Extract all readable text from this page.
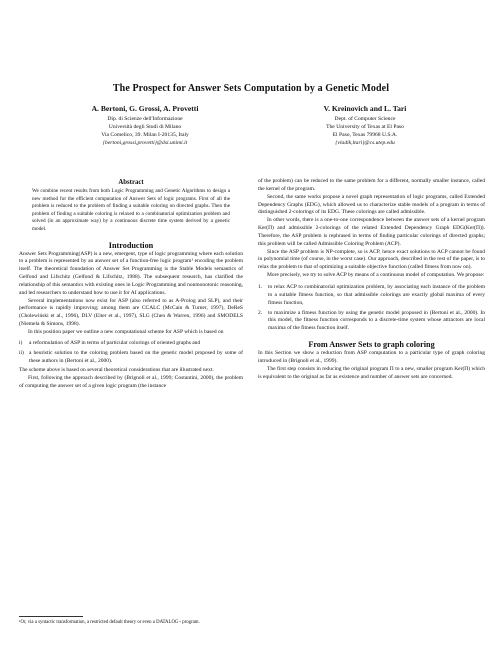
The Prospect for Answer Sets Computation by a Genetic Model
A. Bertoni, G. Grossi, A. Provetti
Dip. di Scienze dell'Informazione
Università degli Studi di Milano
Via Comelico, 39. Milan I-20135, Italy
{bertoni,grossi,provetti}@dsi.unimi.it
V. Kreinovich and L. Tari
Dept. of Computer Science
The University of Texas at El Paso
El Paso, Texas 79968 U.S.A.
{vladik,ltari}@cs.utep.edu
Abstract

We combine recent results from both Logic Programming and Genetic Algorithms to design a new method for the efficient computation of Answer Sets of logic programs. First of all the problem is reduced to the problem of finding a suitable coloring on directed graphs. Then the problem of finding a suitable coloring is relaxed to a combinatorial optimization problem and solved (in an approximate way) by a continuous discrete time system derived by a genetic model.

Introduction

Answer Sets Programming(ASP) is a new, emergent, type of logic programming where each solution to a problem is represented by an answer set of a function-free logic program¹ encoding the problem itself. The theoretical foundation of Answer Set Programming is the Stable Models semantics of Gelfond and Lifschitz (Gelfond & Lifschitz, 1988). The subsequent research, has clarified the relationship of this semantics with existing ones in Logic Programming and nonmonotonic reasoning, and led researchers to understand how to use it for AI applications.

Several implementations now exist for ASP (also referred to as A-Prolog and SLP), and their performance is rapidly improving; among them are CCALC (McCain & Turner, 1997), DeReS (Cholewiński et al., 1996), DLV (Eiter et al., 1997), SLG (Chen & Warren, 1996) and SMODELS (Niemela & Simons, 1998).

In this position paper we outline a new computational scheme for ASP which is based on

i) a reformulation of ASP in terms of particular colorings of oriented graphs and
ii) a heuristic solution to the coloring problem based on the genetic model proposed by some of these authors in (Bertoni et al., 2000).

The scheme above is based on several theoretical considerations that are illustrated next.

First, following the approach described by (Brignoli et al., 1999; Costantini, 2000), the problem of computing the answer set of a given logic program (the instance

¹Or, via a syntactic transformation, a restricted default theory or even a DATALOG¬ program.

of the problem) can be reduced to the same problem for a different, normally smaller instance, called the kernel of the program.

Second, the same works propose a novel graph representation of logic programs, called Extended Dependency Graphs (EDG), which allowed us to characterize stable models of a program in terms of distinguished 2-colorings of its EDG. These colorings are called admissible.

In other words, there is a one-to-one correspondence between the answer sets of a kernel program Ker(Π) and admissible 2-colorings of the related Extended Dependency Graph EDG(Ker(Π)). Therefore, the ASP problem is rephrased in terms of finding particular colorings of directed graphs; this problem will be called Admissible Coloring Problem (ACP).

Since the ASP problem is NP-complete, so is ACP, hence exact solutions to ACP cannot be found in polynomial time (of course, in the worst case). Our approach, described in the rest of the paper, is to relax the problem to that of optimizing a suitable objective function (called fitness from now on).

More precisely, we try to solve ACP by means of a continuous model of computation. We propose:

1. to relax ACP to combinatorial optimization problem, by associating each instance of the problem to a suitable fitness function, so that admissible colorings are exactly global maxima of every fitness function,
2. to maximize a fitness function by using the genetic model proposed in (Bertoni et al., 2000). In this model, the fitness function corresponds to a discrete-time system whose attractors are local maxima of the fitness function itself.
From Answer Sets to graph coloring

In this Section we show a reduction from ASP computation to a particular type of graph coloring introduced in (Brignoli et al., 1999).

The first step consists in reducing the original program Π to a new, smaller program Ker(Π) which is equivalent to the original as far as existence and number of answer sets are concerned.
